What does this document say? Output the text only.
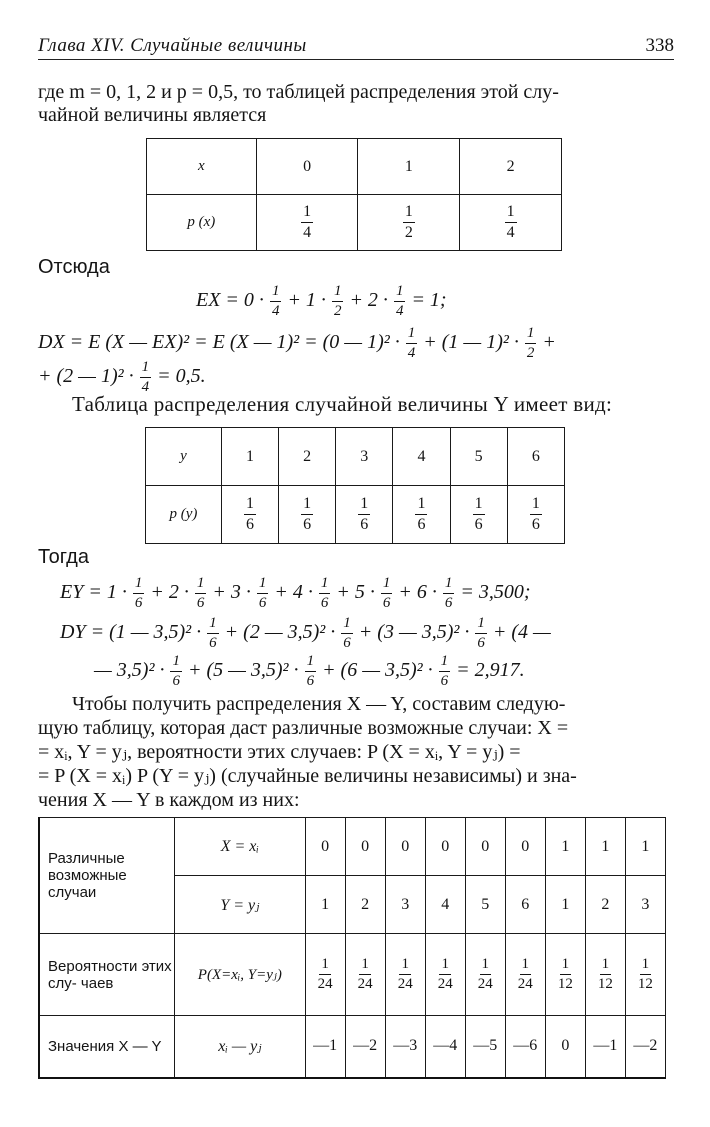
Глава XIV. Случайные величины	338
где m = 0, 1, 2 и p = 0,5, то таблицей распределения этой слу-
чайной величины является
x	0	1	2
p (x)	$\frac{1}{4}$	$\frac{1}{2}$	$\frac{1}{4}$
Отсюда
EX = $0 \cdot \frac{1}{4} + 1 \cdot \frac{1}{2} + 2 \cdot \frac{1}{4} = 1$;
DX = E (X — EX)² = E (X — 1)² = (0 — $1)^2 \cdot \frac{1}{4} + (1$ — $1)^2 \cdot \frac{1}{2}$ +
+ (2 — $1)^2 \cdot \frac{1}{4} = 0,5$.
Таблица распределения случайной величины Y имеет вид:
y	1	2	3	4	5	6
p (y)	$\frac{1}{6}$	$\frac{1}{6}$	$\frac{1}{6}$	$\frac{1}{6}$	$\frac{1}{6}$	$\frac{1}{6}$
Тогда
EY = $1 \cdot \frac{1}{6} + 2 \cdot \frac{1}{6} + 3 \cdot \frac{1}{6} + 4 \cdot \frac{1}{6} + 5 \cdot \frac{1}{6} + 6 \cdot \frac{1}{6} = 3,500$;
DY = (1 — $3,5)^2 \cdot \frac{1}{6} + (2$ — $3,5)^2 \cdot \frac{1}{6} + (3$ — $3,5)^2 \cdot \frac{1}{6} + (4$ —
— $3,5)^2 \cdot \frac{1}{6} + (5$ — $3,5)^2 \cdot \frac{1}{6} + (6$ — $3,5)^2 \cdot \frac{1}{6} = 2,917$.
Чтобы получить распределения X — Y, составим следую-
щую таблицу, которая даст различные возможные случаи: X =
= xᵢ, Y = yⱼ, вероятности этих случаев: P (X = xᵢ, Y = yⱼ) =
= P (X = xᵢ) P (Y = yⱼ) (случайные величины независимы) и зна-
чения X — Y в каждом из них:
Различные возможные случаи	X = xᵢ	0	0	0	0	0	0	1	1	1
	Y = yⱼ	1	2	3	4	5	6	1	2	3
Вероятности этих слу- чаев	P(X=xᵢ, Y=yⱼ)	$\frac{1}{24}$	$\frac{1}{24}$	$\frac{1}{24}$	$\frac{1}{24}$	$\frac{1}{24}$	$\frac{1}{24}$	$\frac{1}{12}$	$\frac{1}{12}$	$\frac{1}{12}$

Значения X — Y	xᵢ — yⱼ	—1	—2	—3	—4	—5	—6	0	—1	—2
